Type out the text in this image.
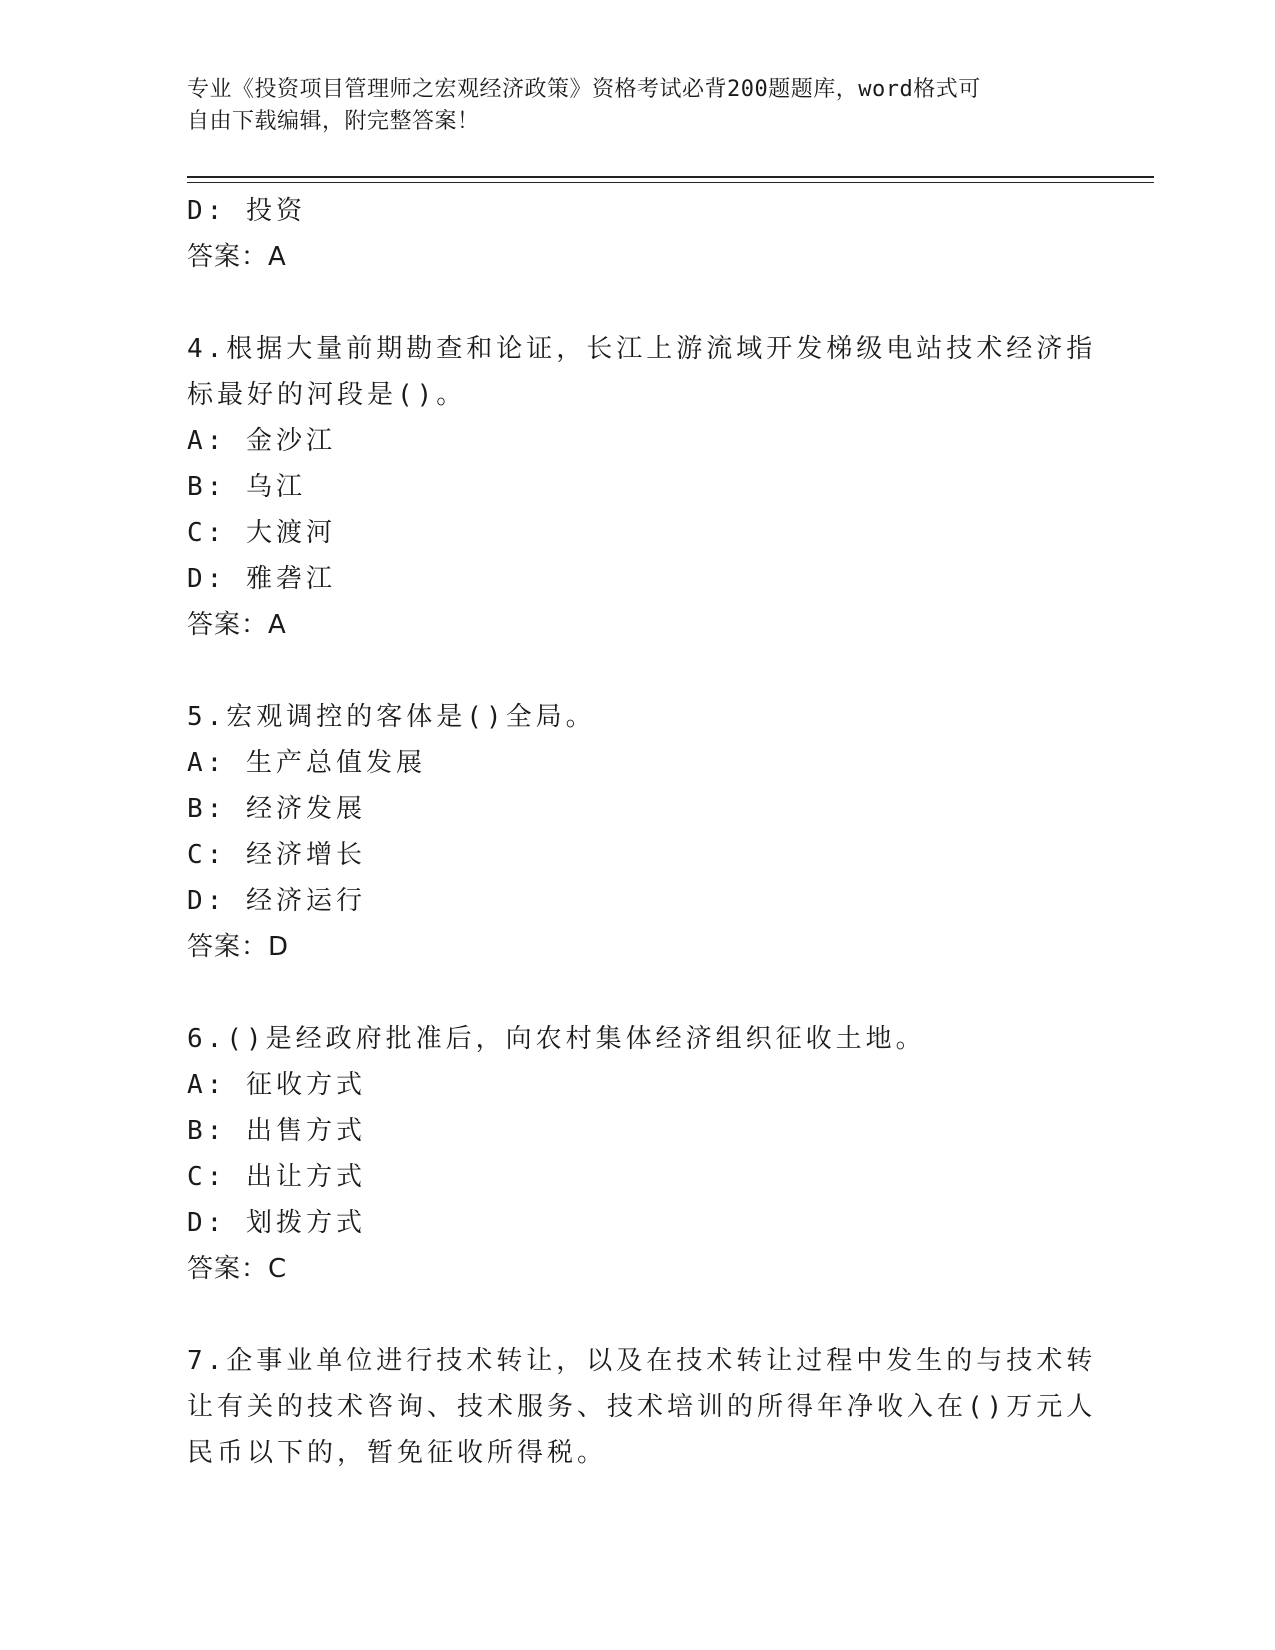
专业《投资项目管理师之宏观经济政策》资格考试必背200题题库，word格式可
自由下载编辑，附完整答案！
D: 投资
答案：A
4.根据大量前期勘查和论证，长江上游流域开发梯级电站技术经济指
标最好的河段是()。
A: 金沙江
B: 乌江
C: 大渡河
D: 雅砻江
答案：A
5.宏观调控的客体是()全局。
A: 生产总值发展
B: 经济发展
C: 经济增长
D: 经济运行
答案：D
6.()是经政府批准后，向农村集体经济组织征收土地。
A: 征收方式
B: 出售方式
C: 出让方式
D: 划拨方式
答案：C
7.企事业单位进行技术转让，以及在技术转让过程中发生的与技术转
让有关的技术咨询、技术服务、技术培训的所得年净收入在()万元人
民币以下的，暂免征收所得税。
